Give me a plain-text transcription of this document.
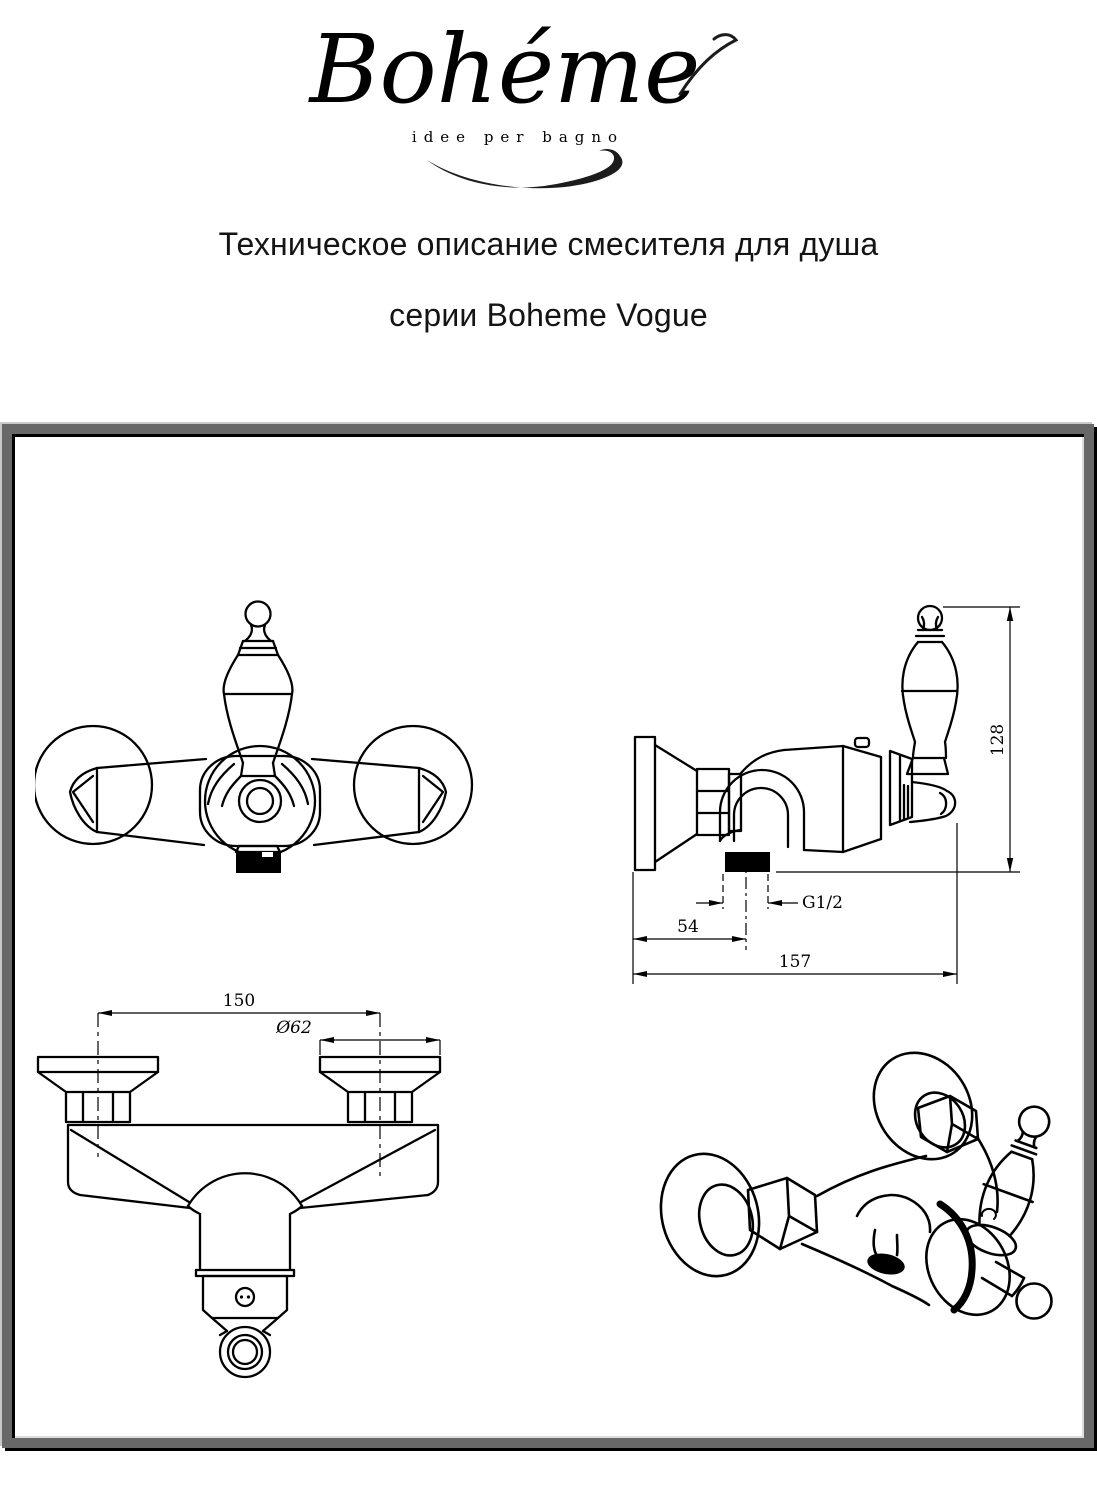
Bohéme
idee per bagno
Техническое описание смесителя для душа
серии Boheme Vogue
128
G1/2
54
157
150
Ø62
